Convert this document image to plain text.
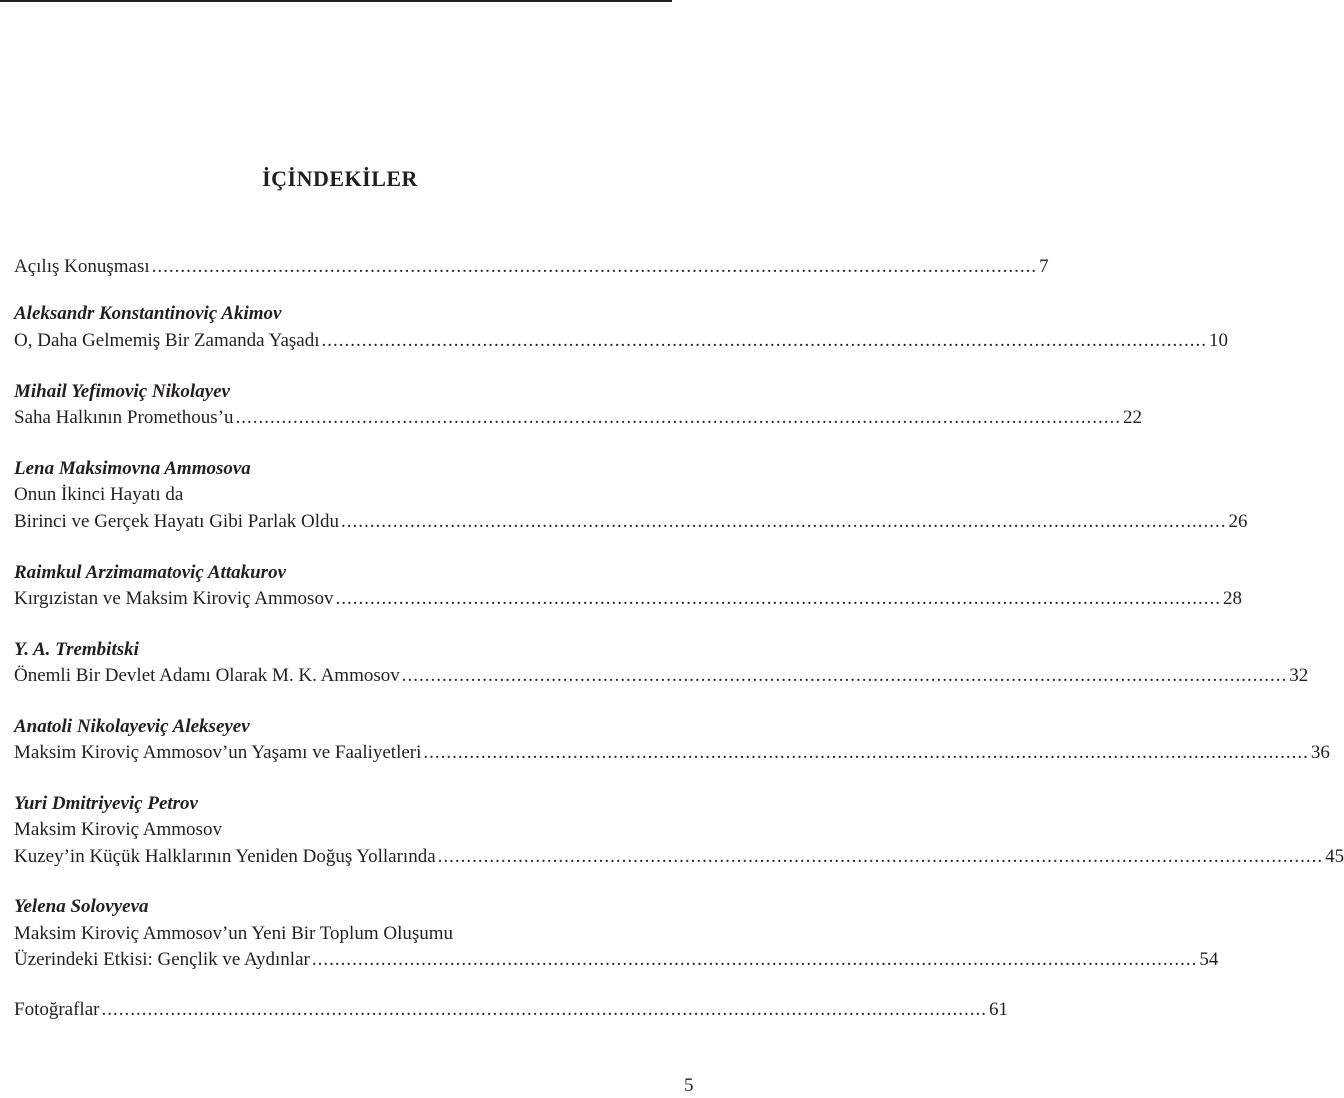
İÇİNDEKİLER
Açılış Konuşması .......................................................................................................................................................... 7
Aleksandr Konstantinoviç Akimov
O, Daha Gelmemiş Bir Zamanda Yaşadı .......................................................................................................................................................... 10
Mihail Yefimoviç Nikolayev
Saha Halkının Promethous’u .......................................................................................................................................................... 22
Lena Maksimovna Ammosova
Onun İkinci Hayatı da
Birinci ve Gerçek Hayatı Gibi Parlak Oldu .......................................................................................................................................................... 26
Raimkul Arzimamatoviç Attakurov
Kırgızistan ve Maksim Kiroviç Ammosov .......................................................................................................................................................... 28
Y. A. Trembitski
Önemli Bir Devlet Adamı Olarak M. K. Ammosov .......................................................................................................................................................... 32
Anatoli Nikolayeviç Alekseyev
Maksim Kiroviç Ammosov’un Yaşamı ve Faaliyetleri .......................................................................................................................................................... 36
Yuri Dmitriyeviç Petrov
Maksim Kiroviç Ammosov
Kuzey’in Küçük Halklarının Yeniden Doğuş Yollarında .......................................................................................................................................................... 45
Yelena Solovyeva
Maksim Kiroviç Ammosov’un Yeni Bir Toplum Oluşumu
Üzerindeki Etkisi: Gençlik ve Aydınlar .......................................................................................................................................................... 54
Fotoğraflar .......................................................................................................................................................... 61
5
